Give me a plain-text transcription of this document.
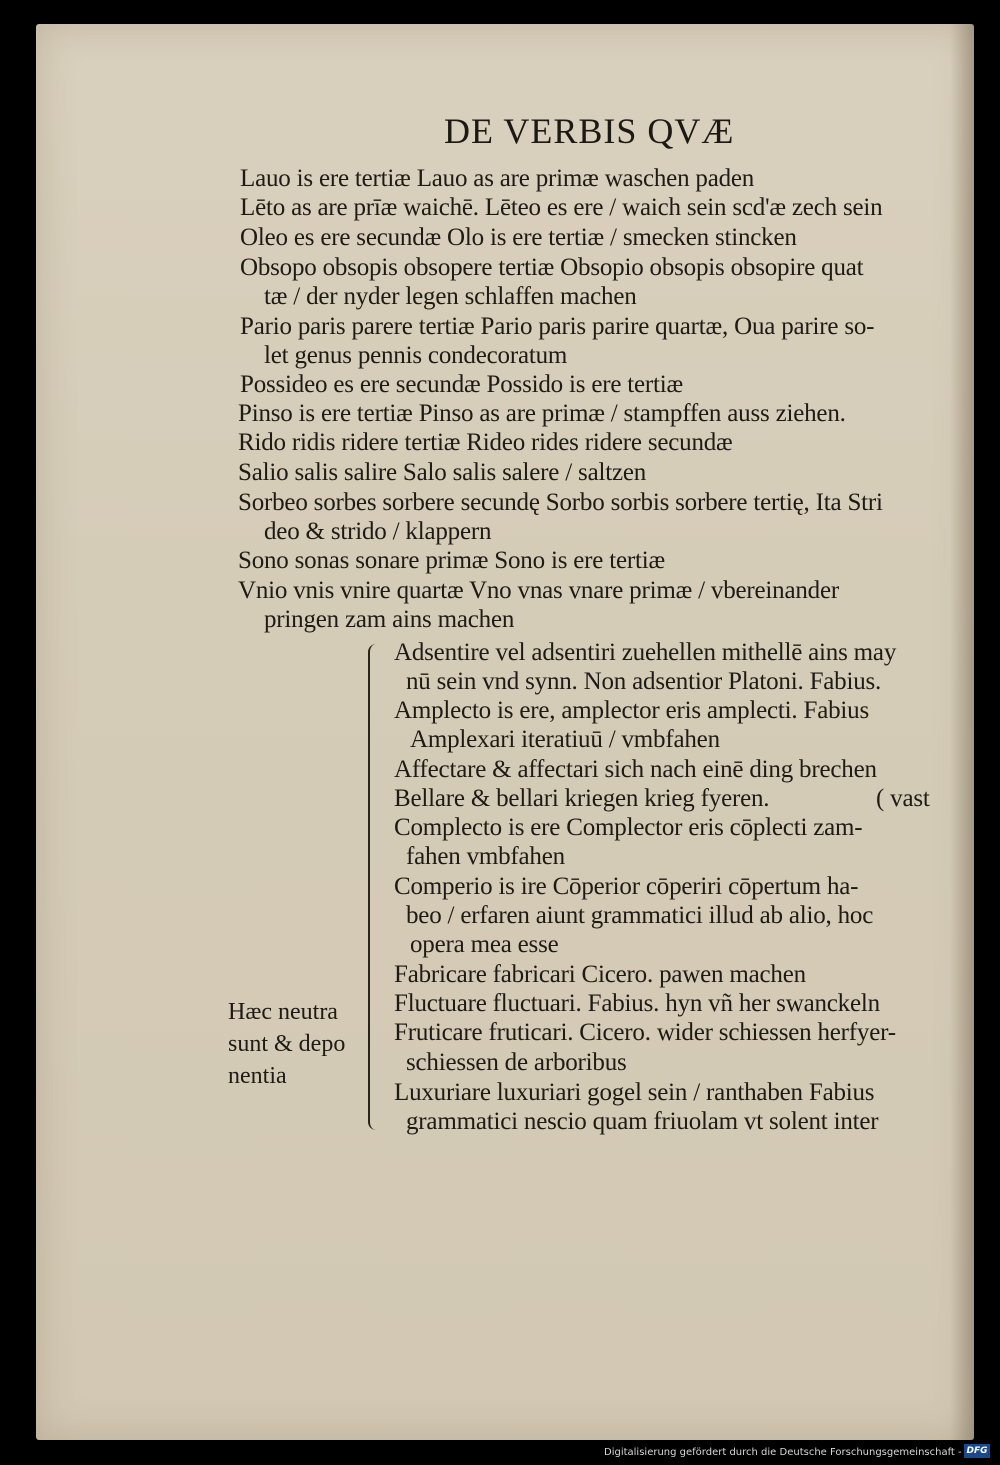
DE VERBIS QVÆ
Lauo is ere tertiæ Lauo as are primæ waschen paden
Lēto as are prīæ waichē. Lēteo es ere / waich sein scd'æ zech sein
Oleo es ere secundæ Olo is ere tertiæ / smecken stincken
Obsopo obsopis obsopere tertiæ Obsopio obsopis obsopire quat
tæ / der nyder legen schlaffen machen
Pario paris parere tertiæ Pario paris parire quartæ, Oua parire so-
let genus pennis condecoratum
Possideo es ere secundæ Possido is ere tertiæ
Pinso is ere tertiæ Pinso as are primæ / stampffen auss ziehen.
Rido ridis ridere tertiæ Rideo rides ridere secundæ
Salio salis salire Salo salis salere / saltzen
Sorbeo sorbes sorbere secundę Sorbo sorbis sorbere tertię, Ita Stri
deo & strido / klappern
Sono sonas sonare primæ Sono is ere tertiæ
Vnio vnis vnire quartæ Vno vnas vnare primæ / vbereinander
pringen zam ains machen
Adsentire vel adsentiri zuehellen mithellē ains may
nū sein vnd synn. Non adsentior Platoni. Fabius.
Amplecto is ere, amplector eris amplecti. Fabius
Amplexari iteratiuū / vmbfahen
Affectare & affectari sich nach einē ding brechen
Bellare & bellari kriegen krieg fyeren.	( vast
Complecto is ere Complector eris cōplecti zam-
fahen vmbfahen
Comperio is ire Cōperior cōperiri cōpertum ha-
beo / erfaren aiunt grammatici illud ab alio, hoc
opera mea esse
Fabricare fabricari Cicero. pawen machen
Fluctuare fluctuari. Fabius. hyn vñ her swanckeln
Fruticare fruticari. Cicero. wider schiessen herfyer-
schiessen de arboribus
Luxuriare luxuriari gogel sein / ranthaben Fabius
grammatici nescio quam friuolam vt solent inter
Hæc neutra
sunt & depo
nentia
Digitalisierung gefördert durch die Deutsche Forschungsgemeinschaft - DFG
